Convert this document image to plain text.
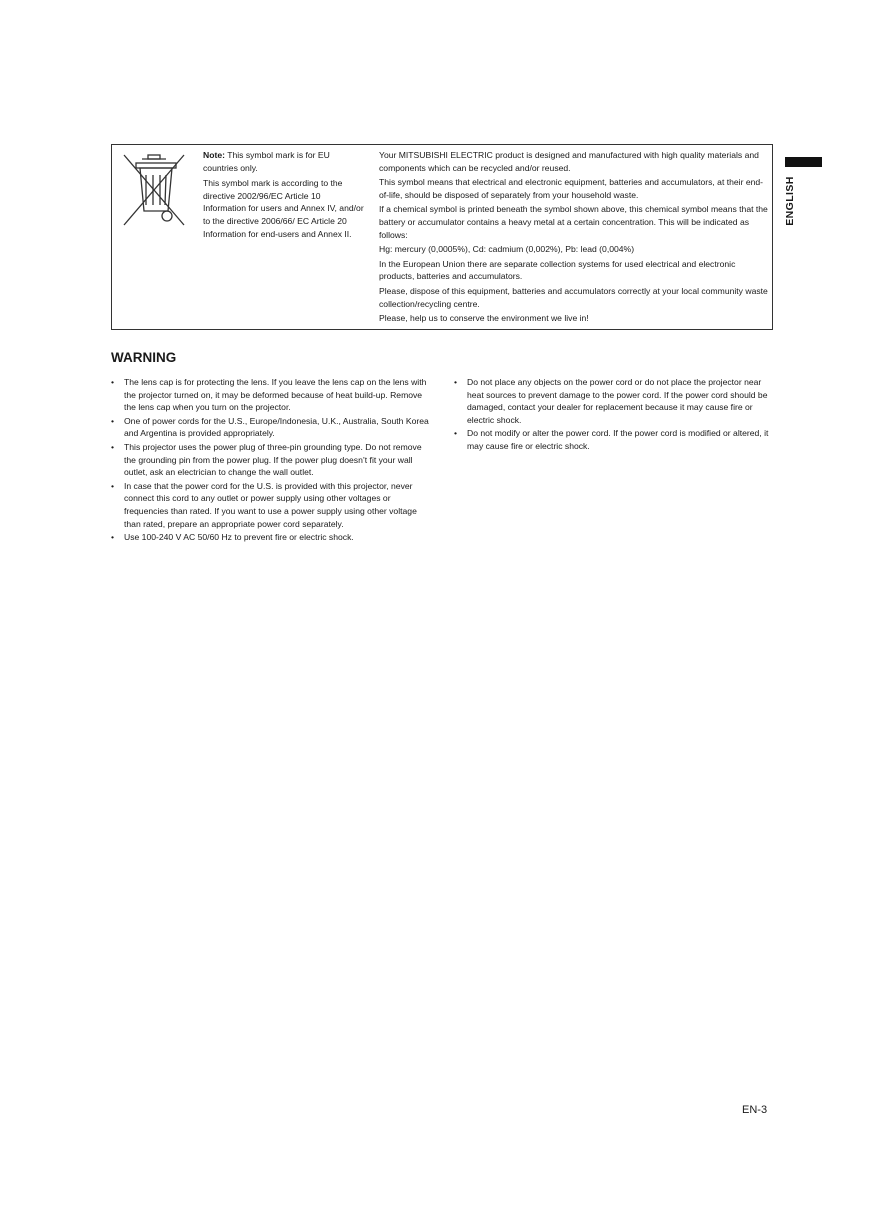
Note: This symbol mark is for EU countries only.

This symbol mark is according to the directive 2002/96/EC Article 10 Information for users and Annex IV, and/or to the directive 2006/66/ EC Article 20 Information for end-users and Annex II.

Your MITSUBISHI ELECTRIC product is designed and manufactured with high quality materials and components which can be recycled and/or reused.

This symbol means that electrical and electronic equipment, batteries and accumulators, at their end-of-life, should be disposed of separately from your household waste.

If a chemical symbol is printed beneath the symbol shown above, this chemical symbol means that the battery or accumulator contains a heavy metal at a certain concentration. This will be indicated as follows:

Hg: mercury (0,0005%), Cd: cadmium (0,002%), Pb: lead (0,004%)

In the European Union there are separate collection systems for used electrical and electronic products, batteries and accumulators.

Please, dispose of this equipment, batteries and accumulators correctly at your local community waste collection/recycling centre.

Please, help us to conserve the environment we live in!

ENGLISH
WARNING
• The lens cap is for protecting the lens. If you leave the lens cap on the lens with the projector turned on, it may be deformed because of heat build-up. Remove the lens cap when you turn on the projector.
• One of power cords for the U.S., Europe/Indonesia, U.K., Australia, South Korea and Argentina is provided appropriately.
• This projector uses the power plug of three-pin grounding type. Do not remove the grounding pin from the power plug. If the power plug doesn’t fit your wall outlet, ask an electrician to change the wall outlet.
• In case that the power cord for the U.S. is provided with this projector, never connect this cord to any outlet or power supply using other voltages or frequencies than rated. If you want to use a power supply using other voltage than rated, prepare an appropriate power cord separately.
• Use 100-240 V AC 50/60 Hz to prevent fire or electric shock.
• Do not place any objects on the power cord or do not place the projector near heat sources to prevent damage to the power cord. If the power cord should be damaged, contact your dealer for replacement because it may cause fire or electric shock.
• Do not modify or alter the power cord. If the power cord is modified or altered, it may cause fire or electric shock.
EN-3
